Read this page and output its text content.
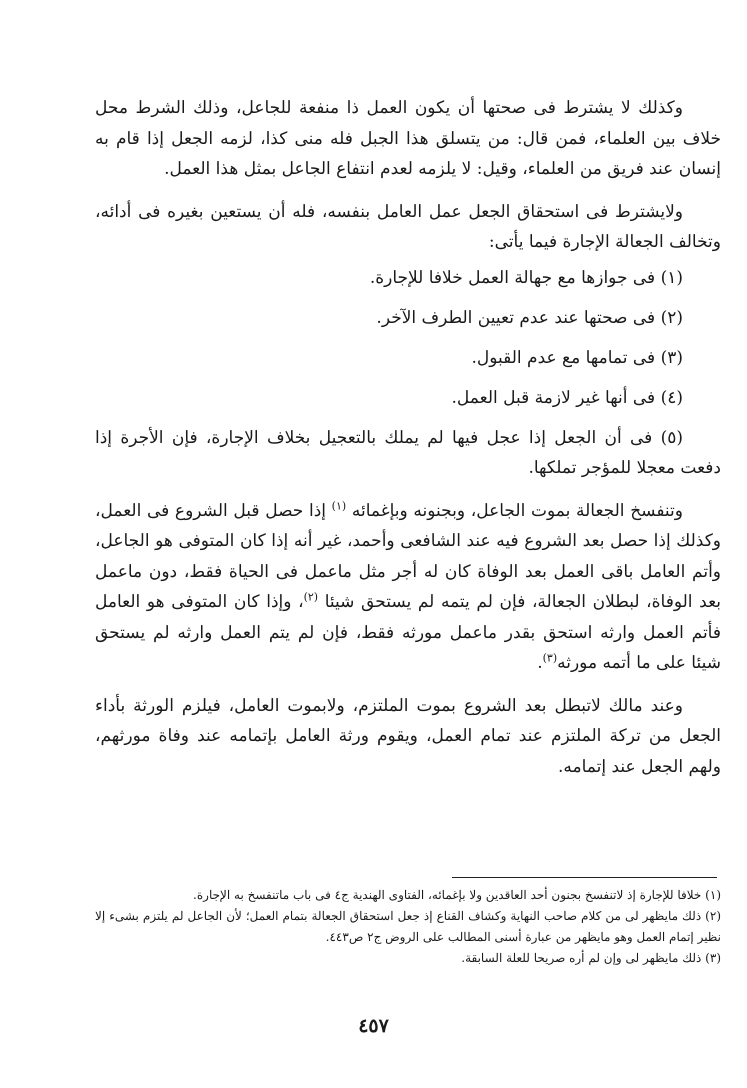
وكذلك لا يشترط فى صحتها أن يكون العمل ذا منفعة للجاعل، وذلك الشرط محل خلاف بين العلماء، فمن قال: من يتسلق هذا الجبل فله منى كذا، لزمه الجعل إذا قام به إنسان عند فريق من العلماء، وقيل: لا يلزمه لعدم انتفاع الجاعل بمثل هذا العمل.

ولايشترط فى استحقاق الجعل عمل العامل بنفسه، فله أن يستعين بغيره فى أدائه، وتخالف الجعالة الإجارة فيما يأتى:

(١) فى جوازها مع جهالة العمل خلافا للإجارة.

(٢) فى صحتها عند عدم تعيين الطرف الآخر.

(٣) فى تمامها مع عدم القبول.

(٤) فى أنها غير لازمة قبل العمل.

(٥) فى أن الجعل إذا عجل فيها لم يملك بالتعجيل بخلاف الإجارة، فإن الأجرة إذا دفعت معجلا للمؤجر تملكها.

وتنفسخ الجعالة بموت الجاعل، وبجنونه وبإغمائه $^{(١)}$ إذا حصل قبل الشروع فى العمل، وكذلك إذا حصل بعد الشروع فيه عند الشافعى وأحمد، غير أنه إذا كان المتوفى هو الجاعل، وأتم العامل باقى العمل بعد الوفاة كان له أجر مثل ماعمل فى الحياة فقط، دون ماعمل بعد الوفاة، لبطلان الجعالة، فإن لم يتمه لم يستحق شيئا $^{(٢)}$، وإذا كان المتوفى هو العامل فأتم العمل وارثه استحق بقدر ماعمل مورثه فقط، فإن لم يتم العمل وارثه لم يستحق شيئا على ما أتمه مورثه$^{(٣)}$.

وعند مالك لاتبطل بعد الشروع بموت الملتزم، ولابموت العامل، فيلزم الورثة بأداء الجعل من تركة الملتزم عند تمام العمل، ويقوم ورثة العامل بإتمامه عند وفاة مورثهم، ولهم الجعل عند إتمامه.

(١) خلافا للإجارة إذ لاتنفسخ بجنون أحد العاقدين ولا بإغمائه، الفتاوى الهندية ج٤ فى باب ماتنفسخ به الإجارة.

(٢) ذلك مايظهر لى من كلام صاحب النهاية وكشاف القناع إذ جعل استحقاق الجعالة بتمام العمل؛ لأن الجاعل لم يلتزم بشىء إلا نظير إتمام العمل وهو مايظهر من عبارة أسنى المطالب على الروض ج٢ ص٤٤٣.

(٣) ذلك مايظهر لى وإن لم أره صريحا للعلة السابقة.

٤٥٧
